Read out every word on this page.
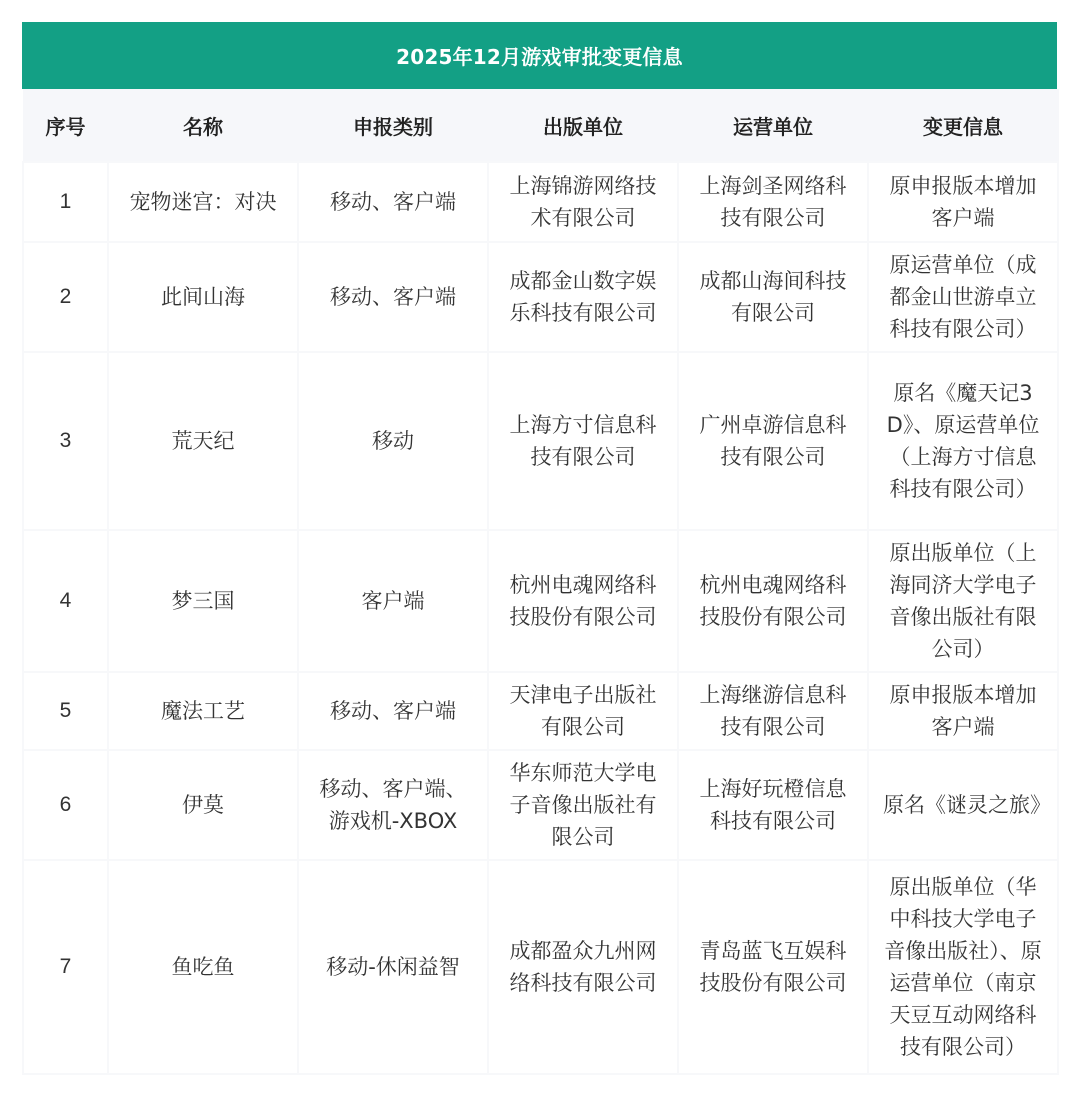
2025年12月游戏审批变更信息
序号	名称	申报类别	出版单位	运营单位	变更信息
1	宠物迷宫：对决	移动、客户端	上海锦游网络技术有限公司	上海剑圣网络科技有限公司	原申报版本增加客户端
2	此间山海	移动、客户端	成都金山数字娱乐科技有限公司	成都山海间科技有限公司	原运营单位（成都金山世游卓立科技有限公司）
3	荒天纪	移动	上海方寸信息科技有限公司	广州卓游信息科技有限公司	原名《魔天记3D》、原运营单位（上海方寸信息科技有限公司）
4	梦三国	客户端	杭州电魂网络科技股份有限公司	杭州电魂网络科技股份有限公司	原出版单位（上海同济大学电子音像出版社有限公司）
5	魔法工艺	移动、客户端	天津电子出版社有限公司	上海继游信息科技有限公司	原申报版本增加客户端
6	伊莫	移动、客户端、游戏机-XBOX	华东师范大学电子音像出版社有限公司	上海好玩橙信息科技有限公司	原名《谜灵之旅》
7	鱼吃鱼	移动-休闲益智	成都盈众九州网络科技有限公司	青岛蓝飞互娱科技股份有限公司	原出版单位（华中科技大学电子音像出版社）、原运营单位（南京天豆互动网络科技有限公司）
